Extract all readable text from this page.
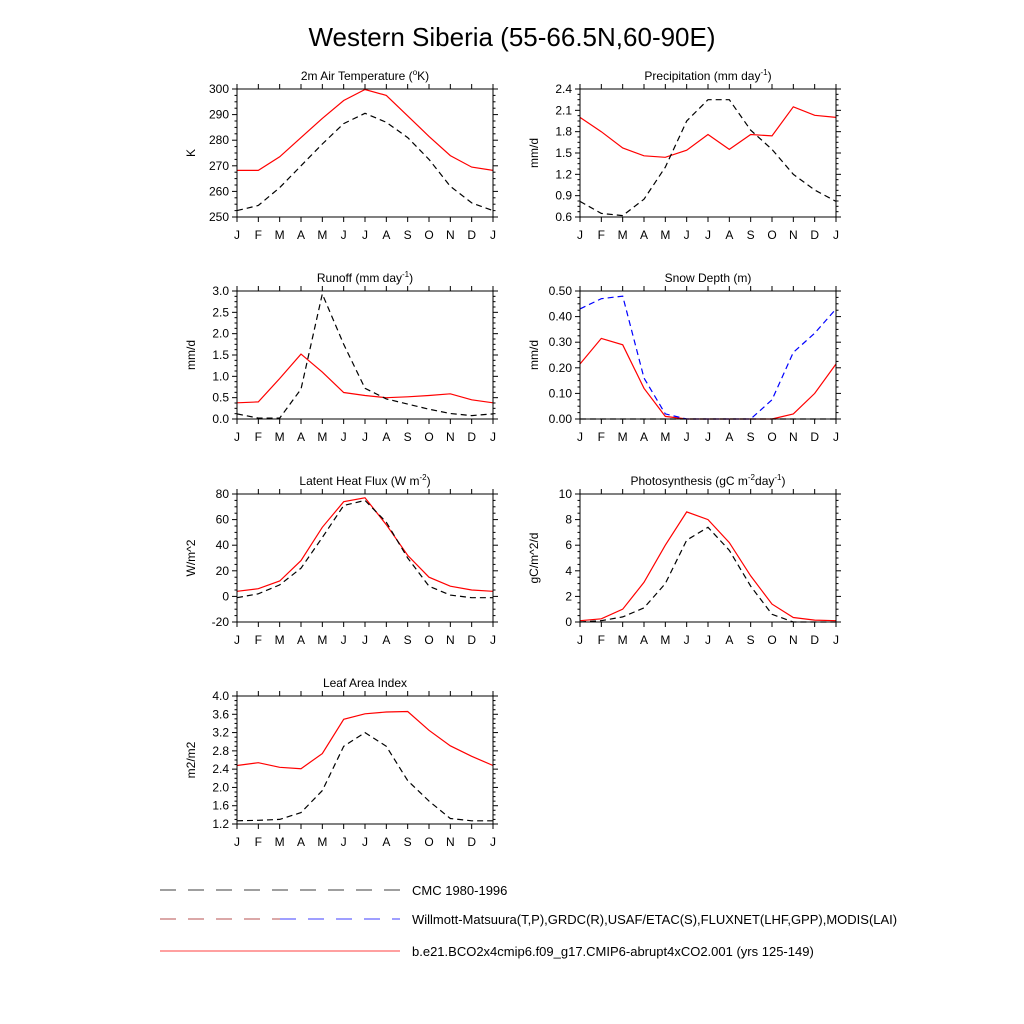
Western Siberia (55-66.5N,60-90E)
2m Air Temperature ($^o$K)
K
250
260
270
280
290
300
J F M A M J J A S O N D J
Precipitation (mm day$^{-1}$)
mm/d
0.6
0.9
1.2
1.5
1.8
2.1
2.4
J F M A M J J A S O N D J
Runoff (mm day$^{-1}$)
mm/d
0.0
0.5
1.0
1.5
2.0
2.5
3.0
J F M A M J J A S O N D J
Snow Depth (m)
mm/d
0.00
0.10
0.20
0.30
0.40
0.50
J F M A M J J A S O N D J
Latent Heat Flux (W $m^{-2}$)
W/m^2
-20
0
20
40
60
80
J F M A M J J A S O N D J
Photosynthesis (gC $m^{-2}day^{-1}$)
gC/m^2/d
0
2
4
6
8
10
J F M A M J J A S O N D J
Leaf Area Index
m2/m2
1.2
1.6
2.0
2.4
2.8
3.2
3.6
4.0
J F M A M J J A S O N D J
CMC 1980-1996
Willmott-Matsuura(T,P),GRDC(R),USAF/ETAC(S),FLUXNET(LHF,GPP),MODIS(LAI)
b.e21.BCO2x4cmip6.f09_g17.CMIP6-abrupt4xCO2.001 (yrs 125-149)
